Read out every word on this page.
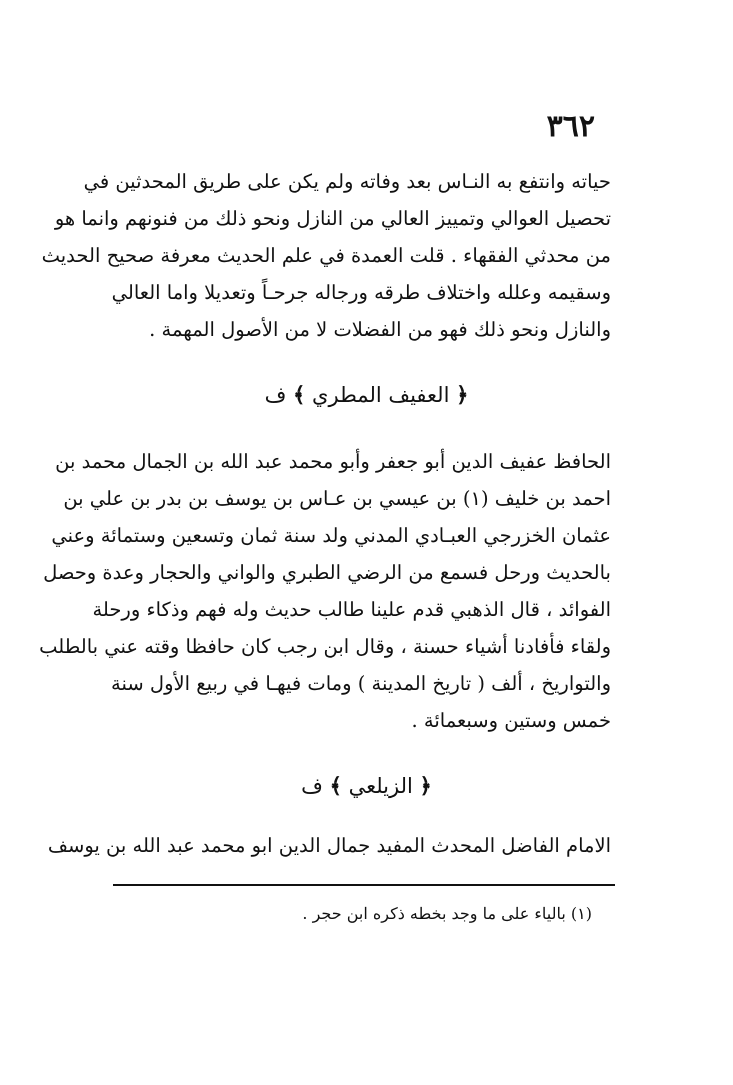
٣٦٢
حياته وانتفع به النـاس بعد وفاته ولم يكن على طريق المحدثين في
تحصيل العوالي وتمييز العالي من النازل ونحو ذلك من فنونهم وانما هو
من محدثي الفقهاء . قلت العمدة في علم الحديث معرفة صحيح الحديث
وسقيمه وعلله واختلاف طرقه ورجاله جرحـاً وتعديلا واما العالي
والنازل ونحو ذلك فهو من الفضلات لا من الأصول المهمة .
﴿ العفيف المطري ﴾ ف
الحافظ عفيف الدين أبو جعفر وأبو محمد عبد الله بن الجمال محمد بن
احمد بن خليف (١) بن عيسي بن عـاس بن يوسف بن بدر بن علي بن
عثمان الخزرجي العبـادي المدني ولد سنة ثمان وتسعين وستمائة وعني
بالحديث ورحل فسمع من الرضي الطبري والواني والحجار وعدة وحصل
الفوائد ، قال الذهبي قدم علينا طالب حديث وله فهم وذكاء ورحلة
ولقاء فأفادنا أشياء حسنة ، وقال ابن رجب كان حافظا وقته عني بالطلب
والتواريخ ، ألف ( تاريخ المدينة ) ومات فيهـا في ربيع الأول سنة
خمس وستين وسبعمائة .
﴿ الزيلعي ﴾ ف
الامام الفاضل المحدث المفيد جمال الدين ابو محمد عبد الله بن يوسف
(١) بالياء على ما وجد بخطه ذكره ابن حجر .
